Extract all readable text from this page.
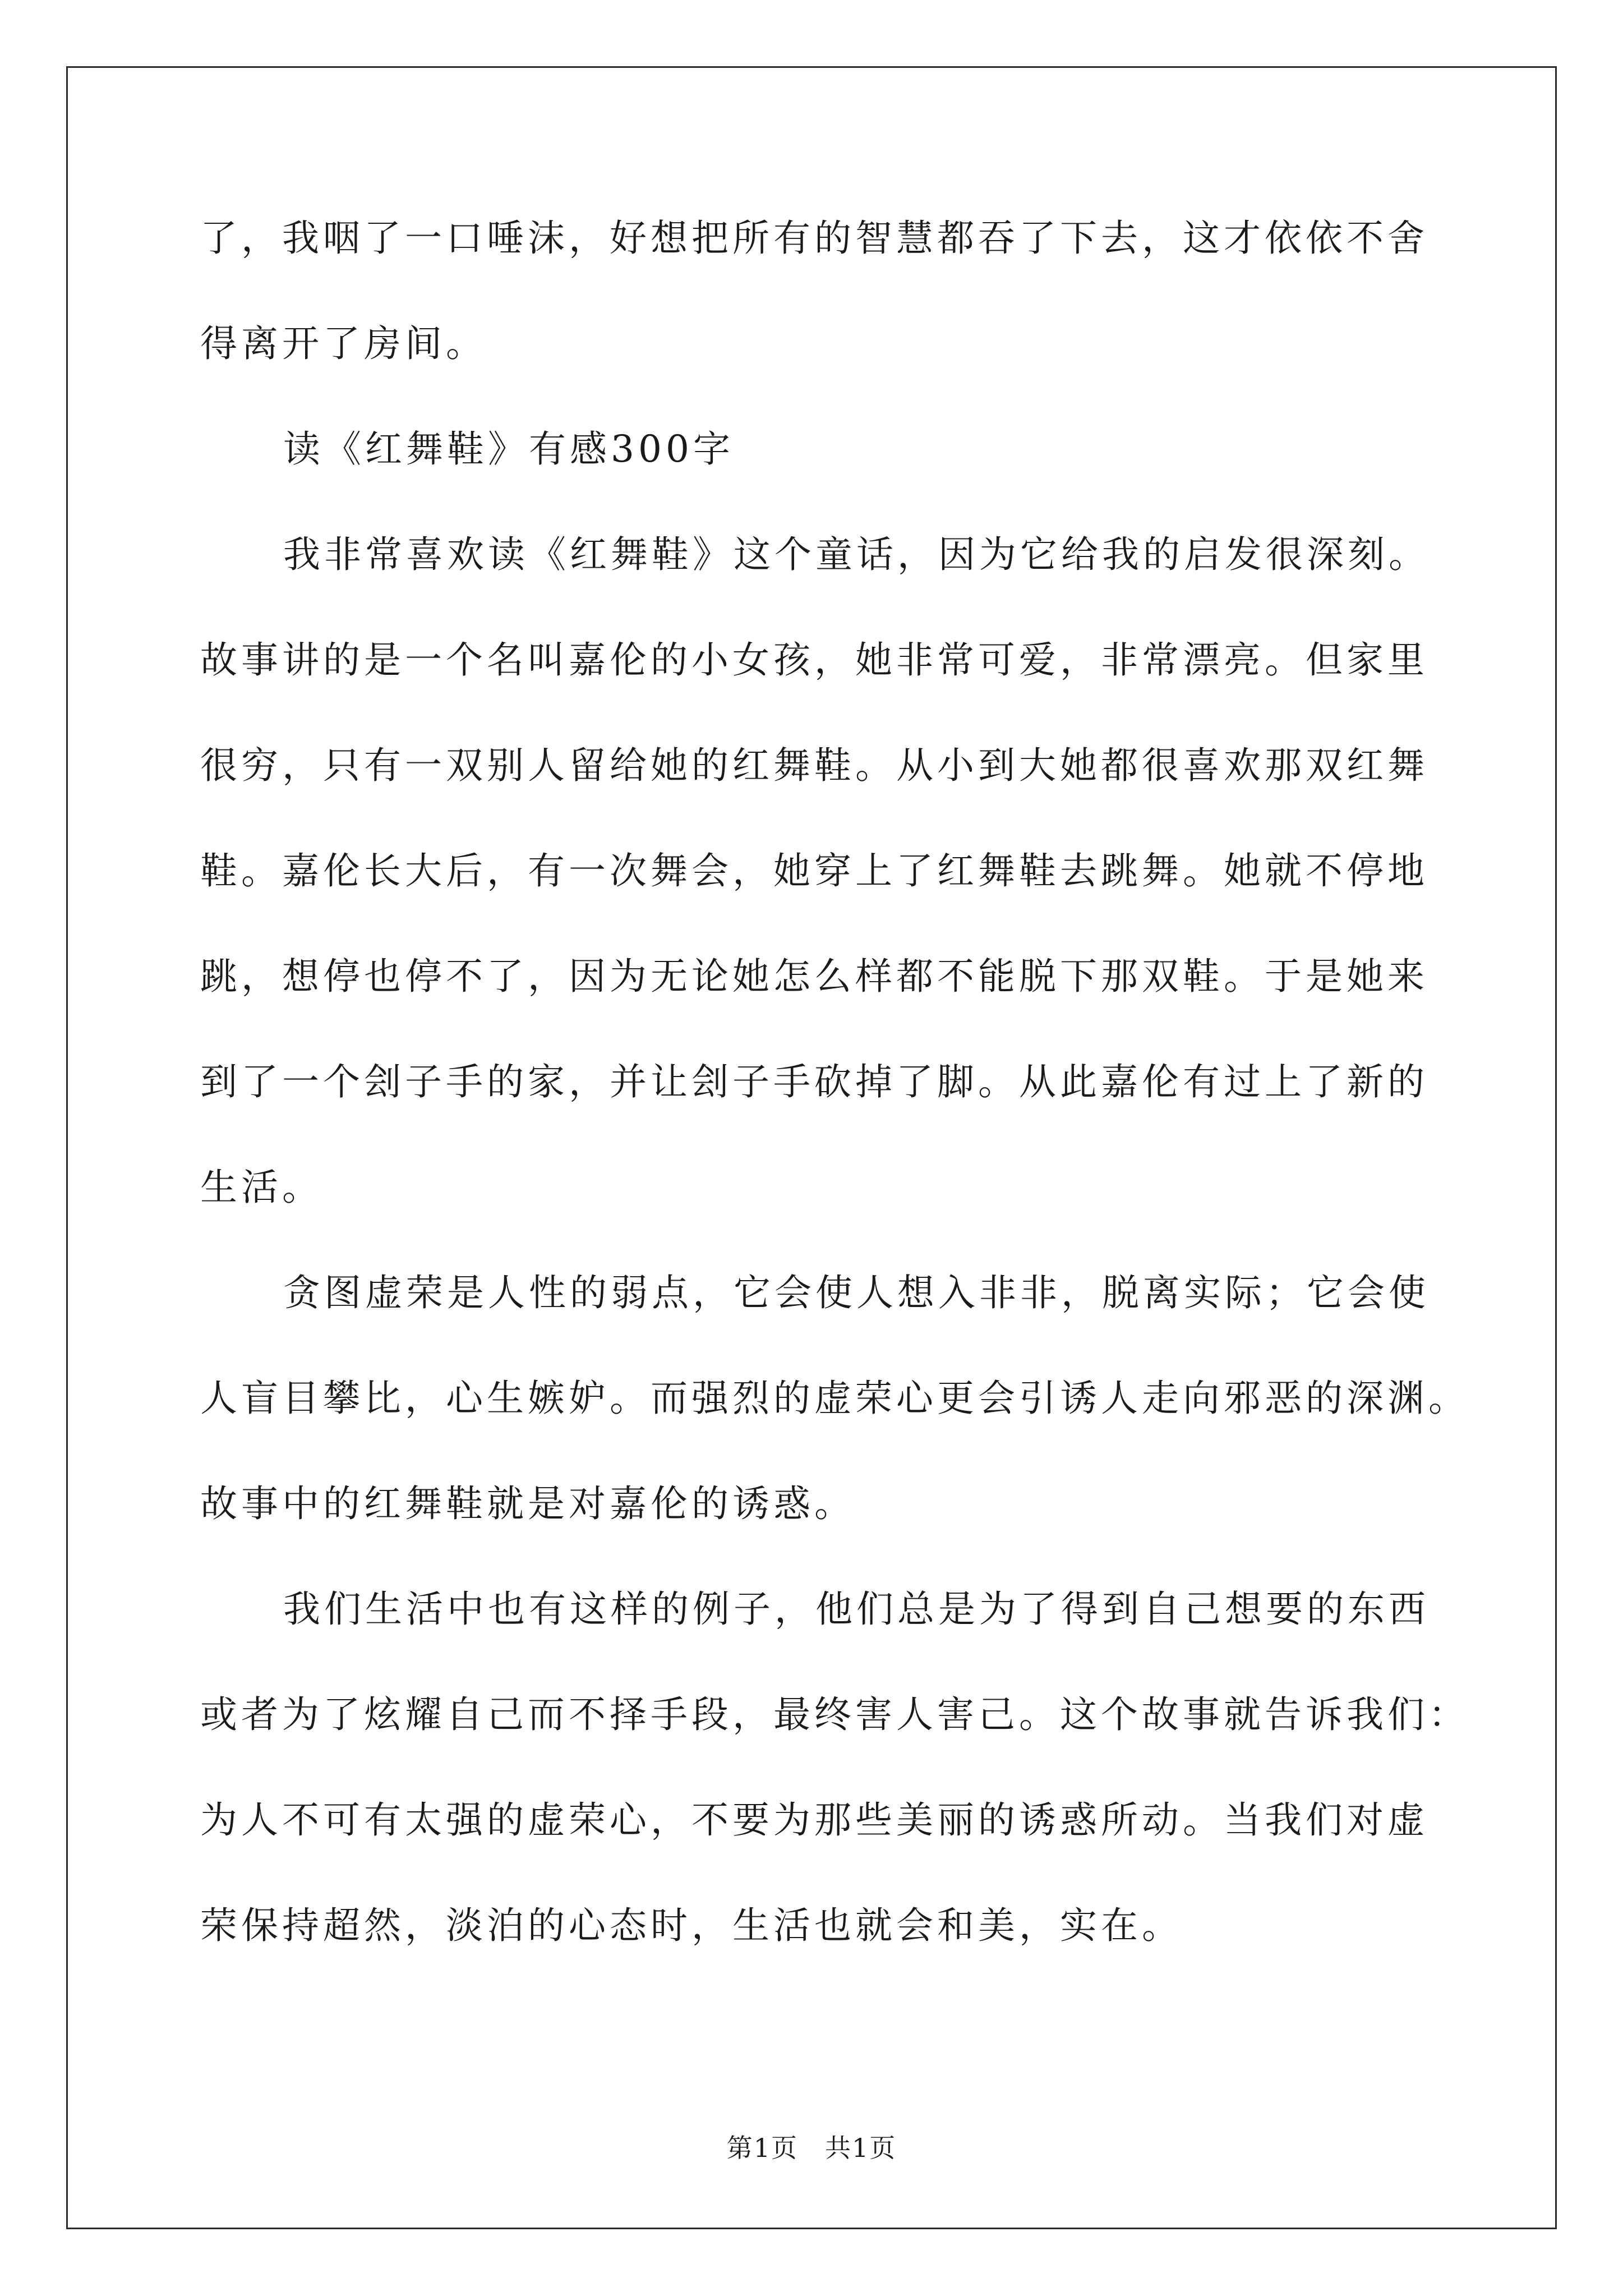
了，我咽了一口唾沫，好想把所有的智慧都吞了下去，这才依依不舍

得离开了房间。

读《红舞鞋》有感300字

我非常喜欢读《红舞鞋》这个童话，因为它给我的启发很深刻。

故事讲的是一个名叫嘉伦的小女孩，她非常可爱，非常漂亮。但家里

很穷，只有一双别人留给她的红舞鞋。从小到大她都很喜欢那双红舞

鞋。嘉伦长大后，有一次舞会，她穿上了红舞鞋去跳舞。她就不停地

跳，想停也停不了，因为无论她怎么样都不能脱下那双鞋。于是她来

到了一个刽子手的家，并让刽子手砍掉了脚。从此嘉伦有过上了新的

生活。

贪图虚荣是人性的弱点，它会使人想入非非，脱离实际；它会使

人盲目攀比，心生嫉妒。而强烈的虚荣心更会引诱人走向邪恶的深渊。

故事中的红舞鞋就是对嘉伦的诱惑。

我们生活中也有这样的例子，他们总是为了得到自己想要的东西

或者为了炫耀自己而不择手段，最终害人害己。这个故事就告诉我们：

为人不可有太强的虚荣心，不要为那些美丽的诱惑所动。当我们对虚

荣保持超然，淡泊的心态时，生活也就会和美，实在。

第1页　共1页
